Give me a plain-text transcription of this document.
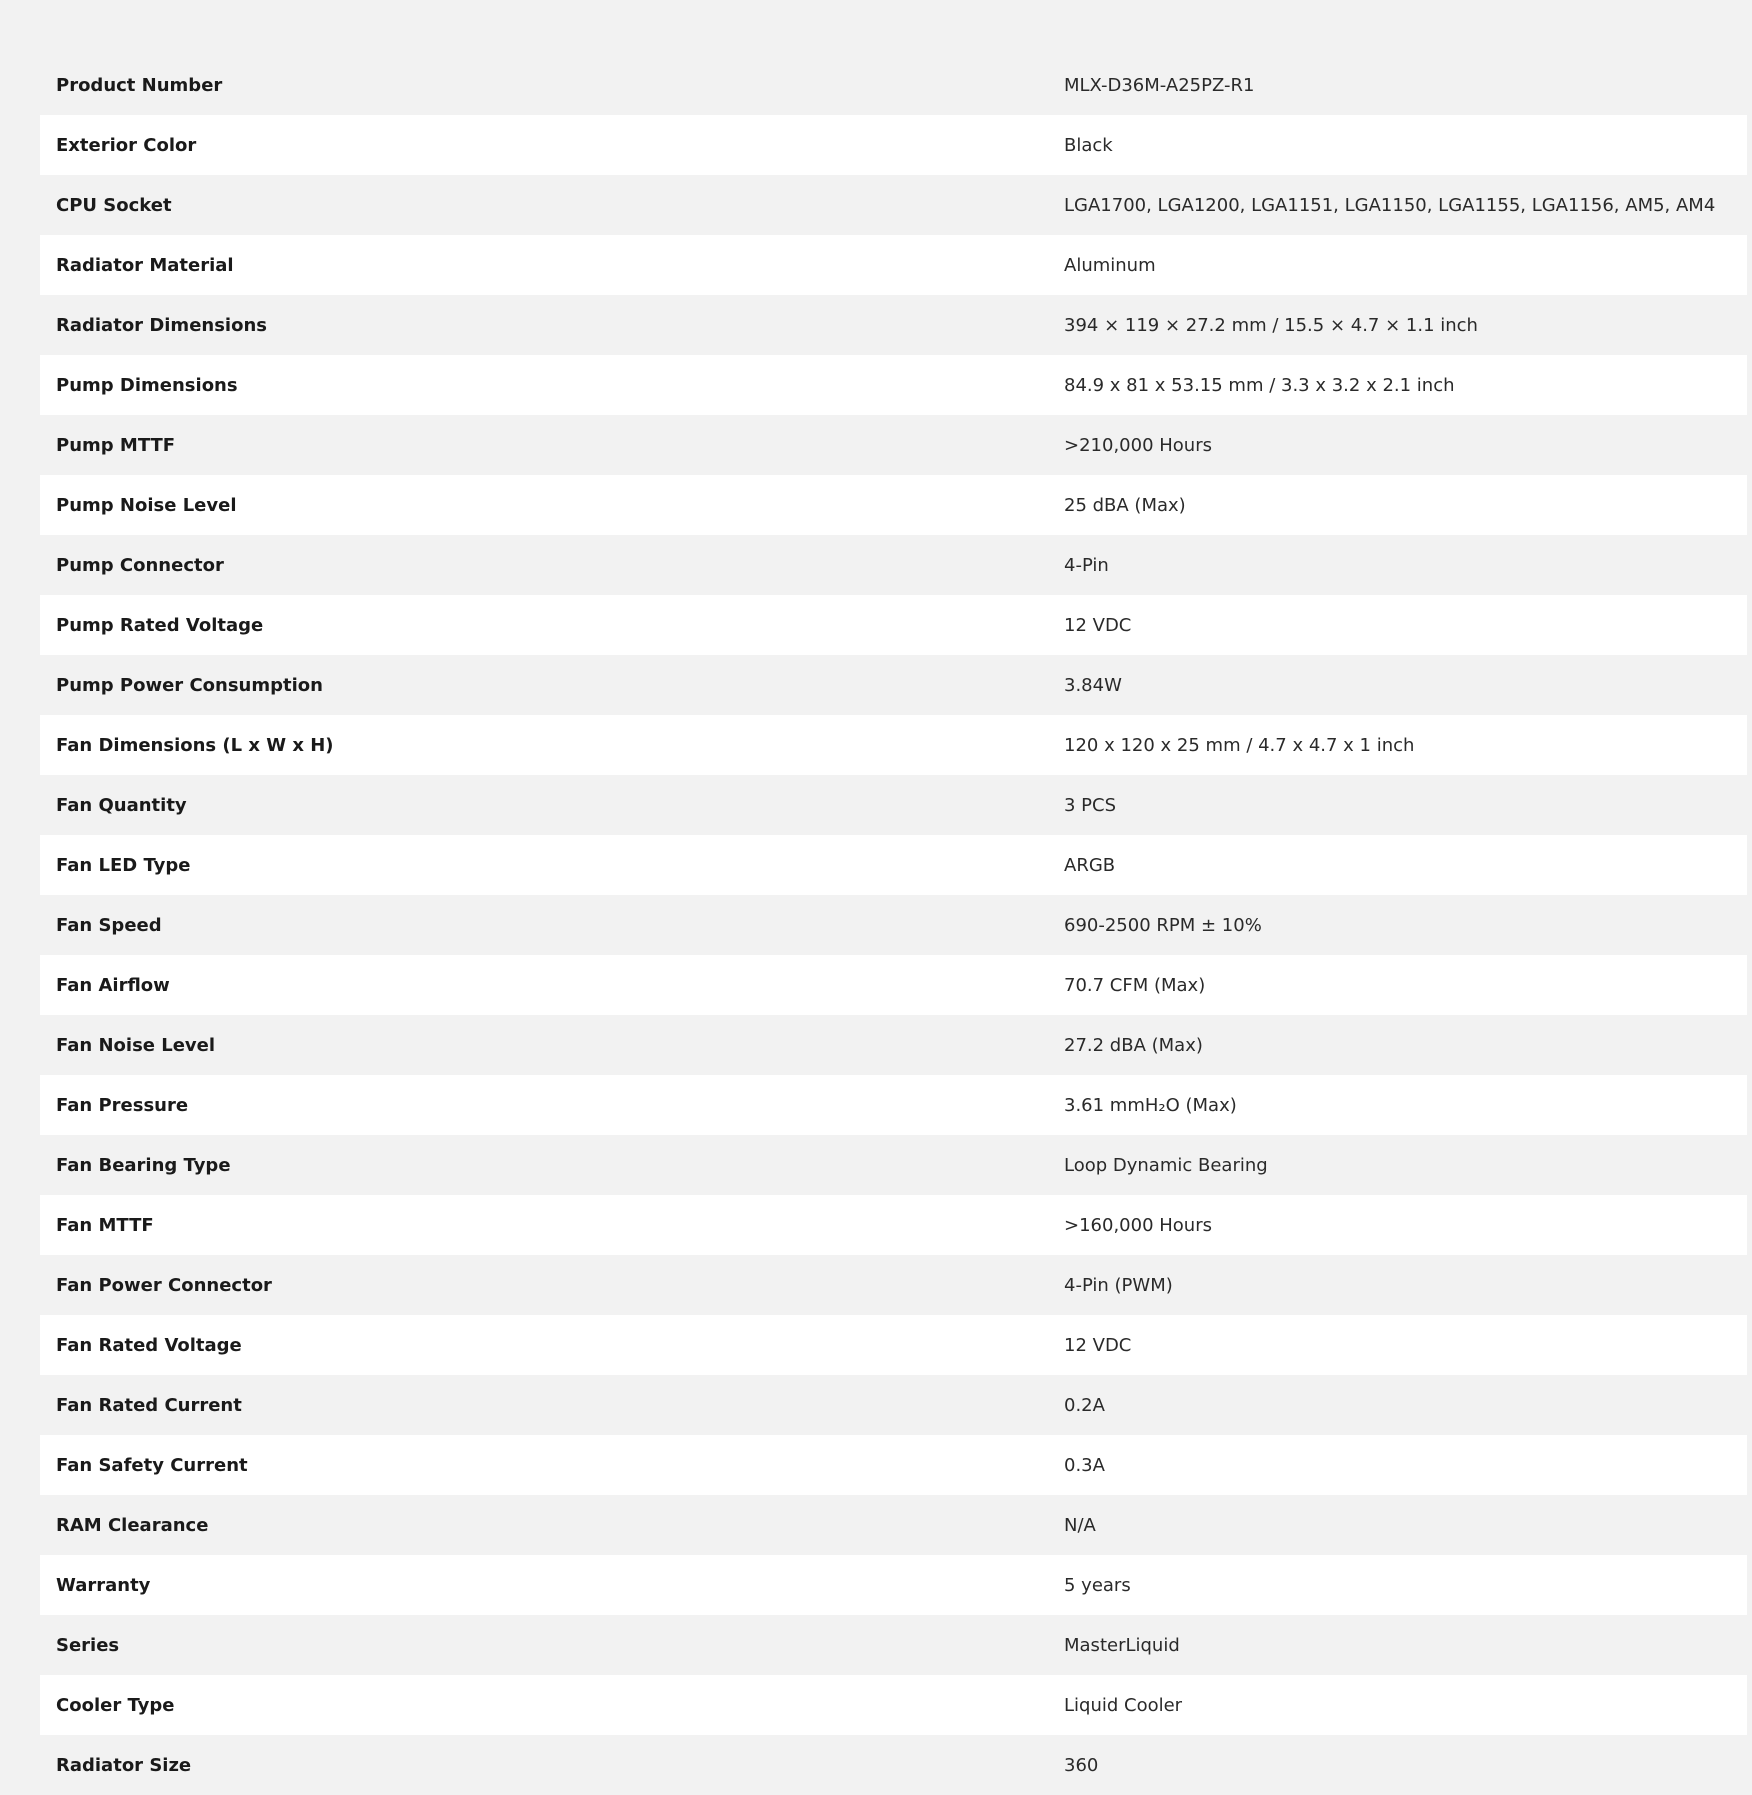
Product Number	MLX-D36M-A25PZ-R1
Exterior Color	Black
CPU Socket	LGA1700, LGA1200, LGA1151, LGA1150, LGA1155, LGA1156, AM5, AM4
Radiator Material	Aluminum
Radiator Dimensions	394 × 119 × 27.2 mm / 15.5 × 4.7 × 1.1 inch
Pump Dimensions	84.9 x 81 x 53.15 mm / 3.3 x 3.2 x 2.1 inch
Pump MTTF	>210,000 Hours
Pump Noise Level	25 dBA (Max)
Pump Connector	4-Pin
Pump Rated Voltage	12 VDC
Pump Power Consumption	3.84W
Fan Dimensions (L x W x H)	120 x 120 x 25 mm / 4.7 x 4.7 x 1 inch
Fan Quantity	3 PCS
Fan LED Type	ARGB
Fan Speed	690-2500 RPM ± 10%
Fan Airflow	70.7 CFM (Max)
Fan Noise Level	27.2 dBA (Max)
Fan Pressure	3.61 mmH₂O (Max)
Fan Bearing Type	Loop Dynamic Bearing
Fan MTTF	>160,000 Hours
Fan Power Connector	4-Pin (PWM)
Fan Rated Voltage	12 VDC
Fan Rated Current	0.2A
Fan Safety Current	0.3A
RAM Clearance	N/A
Warranty	5 years
Series	MasterLiquid
Cooler Type	Liquid Cooler
Radiator Size	360
